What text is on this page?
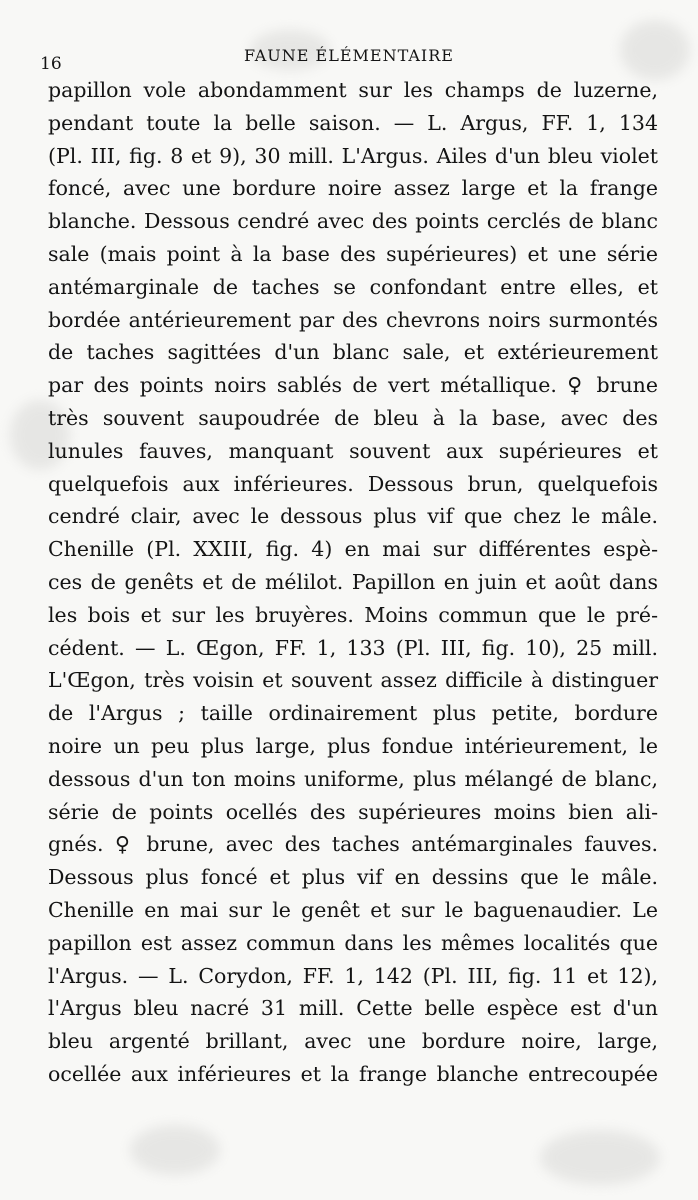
16	FAUNE ÉLÉMENTAIRE
papillon vole abondamment sur les champs de luzerne,
pendant toute la belle saison. — L. Argus, FF. 1, 134
(Pl. III, fig. 8 et 9), 30 mill. L'Argus. Ailes d'un bleu violet
foncé, avec une bordure noire assez large et la frange
blanche. Dessous cendré avec des points cerclés de blanc
sale (mais point à la base des supérieures) et une série
antémarginale de taches se confondant entre elles, et
bordée antérieurement par des chevrons noirs surmontés
de taches sagittées d'un blanc sale, et extérieurement
par des points noirs sablés de vert métallique. ♀ brune
très souvent saupoudrée de bleu à la base, avec des
lunules fauves, manquant souvent aux supérieures et
quelquefois aux inférieures. Dessous brun, quelquefois
cendré clair, avec le dessous plus vif que chez le mâle.
Chenille (Pl. XXIII, fig. 4) en mai sur différentes espè-
ces de genêts et de mélilot. Papillon en juin et août dans
les bois et sur les bruyères. Moins commun que le pré-
cédent. — L. Œgon, FF. 1, 133 (Pl. III, fig. 10), 25 mill.
L'Œgon, très voisin et souvent assez difficile à distinguer
de l'Argus ; taille ordinairement plus petite, bordure
noire un peu plus large, plus fondue intérieurement, le
dessous d'un ton moins uniforme, plus mélangé de blanc,
série de points ocellés des supérieures moins bien ali-
gnés. ♀ brune, avec des taches antémarginales fauves.
Dessous plus foncé et plus vif en dessins que le mâle.
Chenille en mai sur le genêt et sur le baguenaudier. Le
papillon est assez commun dans les mêmes localités que
l'Argus. — L. Corydon, FF. 1, 142 (Pl. III, fig. 11 et 12),
l'Argus bleu nacré 31 mill. Cette belle espèce est d'un
bleu argenté brillant, avec une bordure noire, large,
ocellée aux inférieures et la frange blanche entrecoupée
